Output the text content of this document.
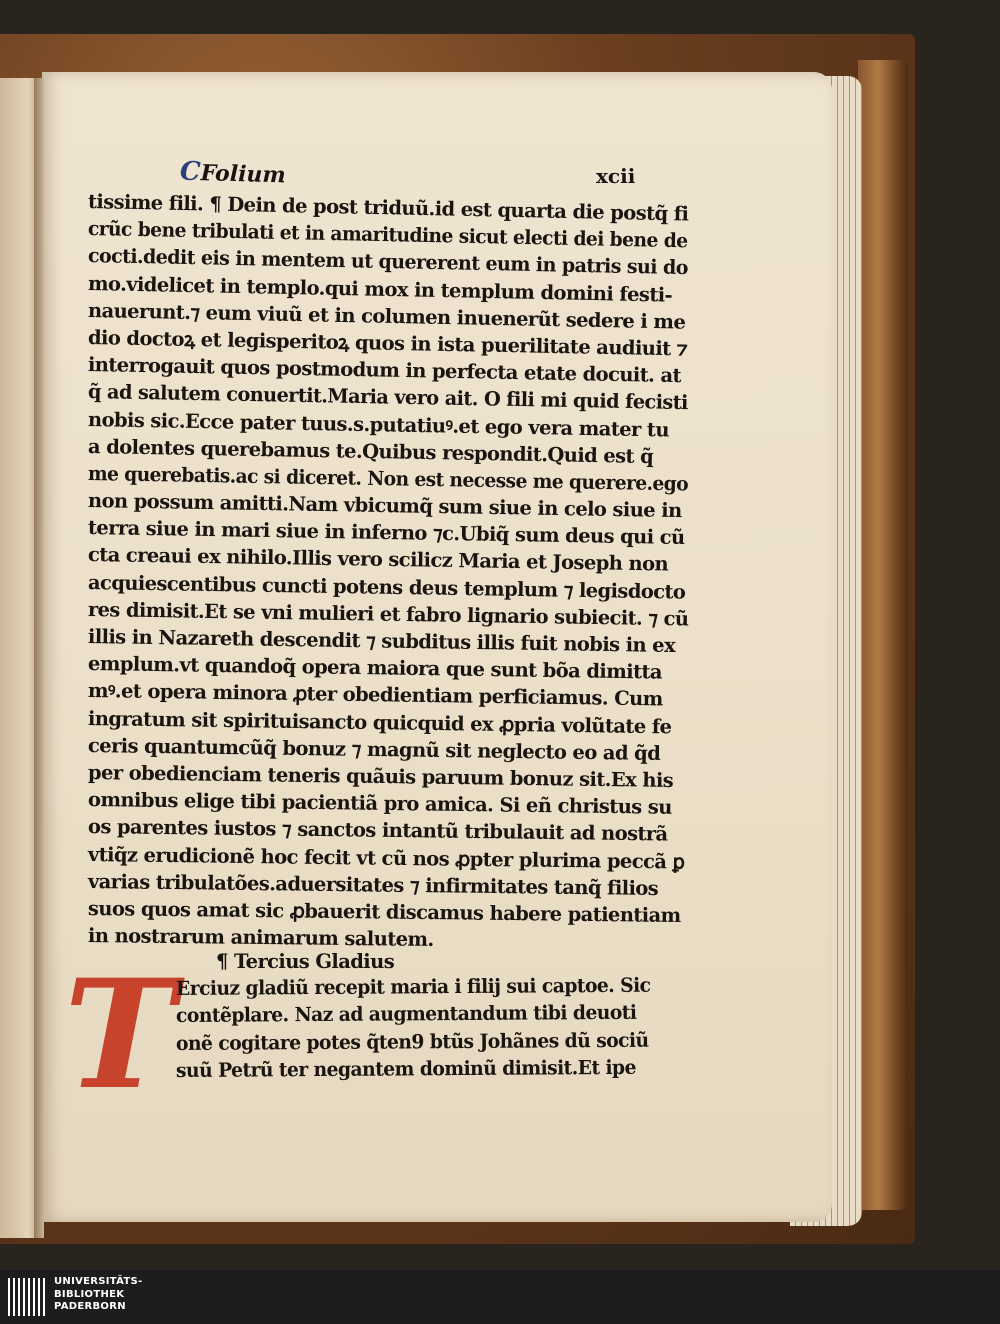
CFolium	xcii
tissime fili. ¶ Dein de post triduũ.id est quarta die postq̃ fi
crũc bene tribulati et in amaritudine sicut electi dei bene de
cocti.dedit eis in mentem ut quererent eum in patris sui do
mo.videlicet in templo.qui mox in templum domini festi-
nauerunt.⁊ eum viuũ et in columen inuenerũt sedere i me
dio doctoꝝ et legisperitoꝝ quos in ista puerilitate audiuit ⁊
interrogauit quos postmodum in perfecta etate docuit. at
q̃ ad salutem conuertit.Maria vero ait. O fili mi quid fecisti
nobis sic.Ecce pater tuus.s.putatiuꝰ.et ego vera mater tu
a dolentes querebamus te.Quibus respondit.Quid est q̃
me querebatis.ac si diceret. Non est necesse me querere.ego
non possum amitti.Nam vbicumq̃ sum siue in celo siue in
terra siue in mari siue in inferno ⁊c.Ubiq̃ sum deus qui cũ
cta creaui ex nihilo.Illis vero scilicz Maria et Joseph non
acquiescentibus cuncti potens deus templum ⁊ legisdocto
res dimisit.Et se vni mulieri et fabro lignario subiecit. ⁊ cũ
illis in Nazareth descendit ⁊ subditus illis fuit nobis in ex
emplum.vt quandoq̃ opera maiora que sunt bõa dimitta
mꝰ.et opera minora ꝓter obedientiam perficiamus. Cum
ingratum sit spirituisancto quicquid ex ꝓpria volũtate fe
ceris quantumcũq̃ bonuz ⁊ magnũ sit neglecto eo ad q̃d
per obedienciam teneris quãuis paruum bonuz sit.Ex his
omnibus elige tibi pacientiã pro amica. Si eñ christus su
os parentes iustos ⁊ sanctos intantũ tribulauit ad nostrã
vtiq̃z erudicionẽ hoc fecit vt cũ nos ꝓpter plurima peccã ꝑ
varias tribulatões.aduersitates ⁊ infirmitates tanq̃ filios
suos quos amat sic ꝓbauerit discamus habere patientiam
in nostrarum animarum salutem.
T	¶ Tercius Gladius
Erciuz gladiũ recepit maria i filij sui captoe. Sic
contẽplare. Naz ad augmentandum tibi deuoti
onẽ cogitare potes q̃ten9 btũs Johãnes dũ sociũ
suũ Petrũ ter negantem dominũ dimisit.Et ipe
UNIVERSITÄTS-
BIBLIOTHEK
PADERBORN
